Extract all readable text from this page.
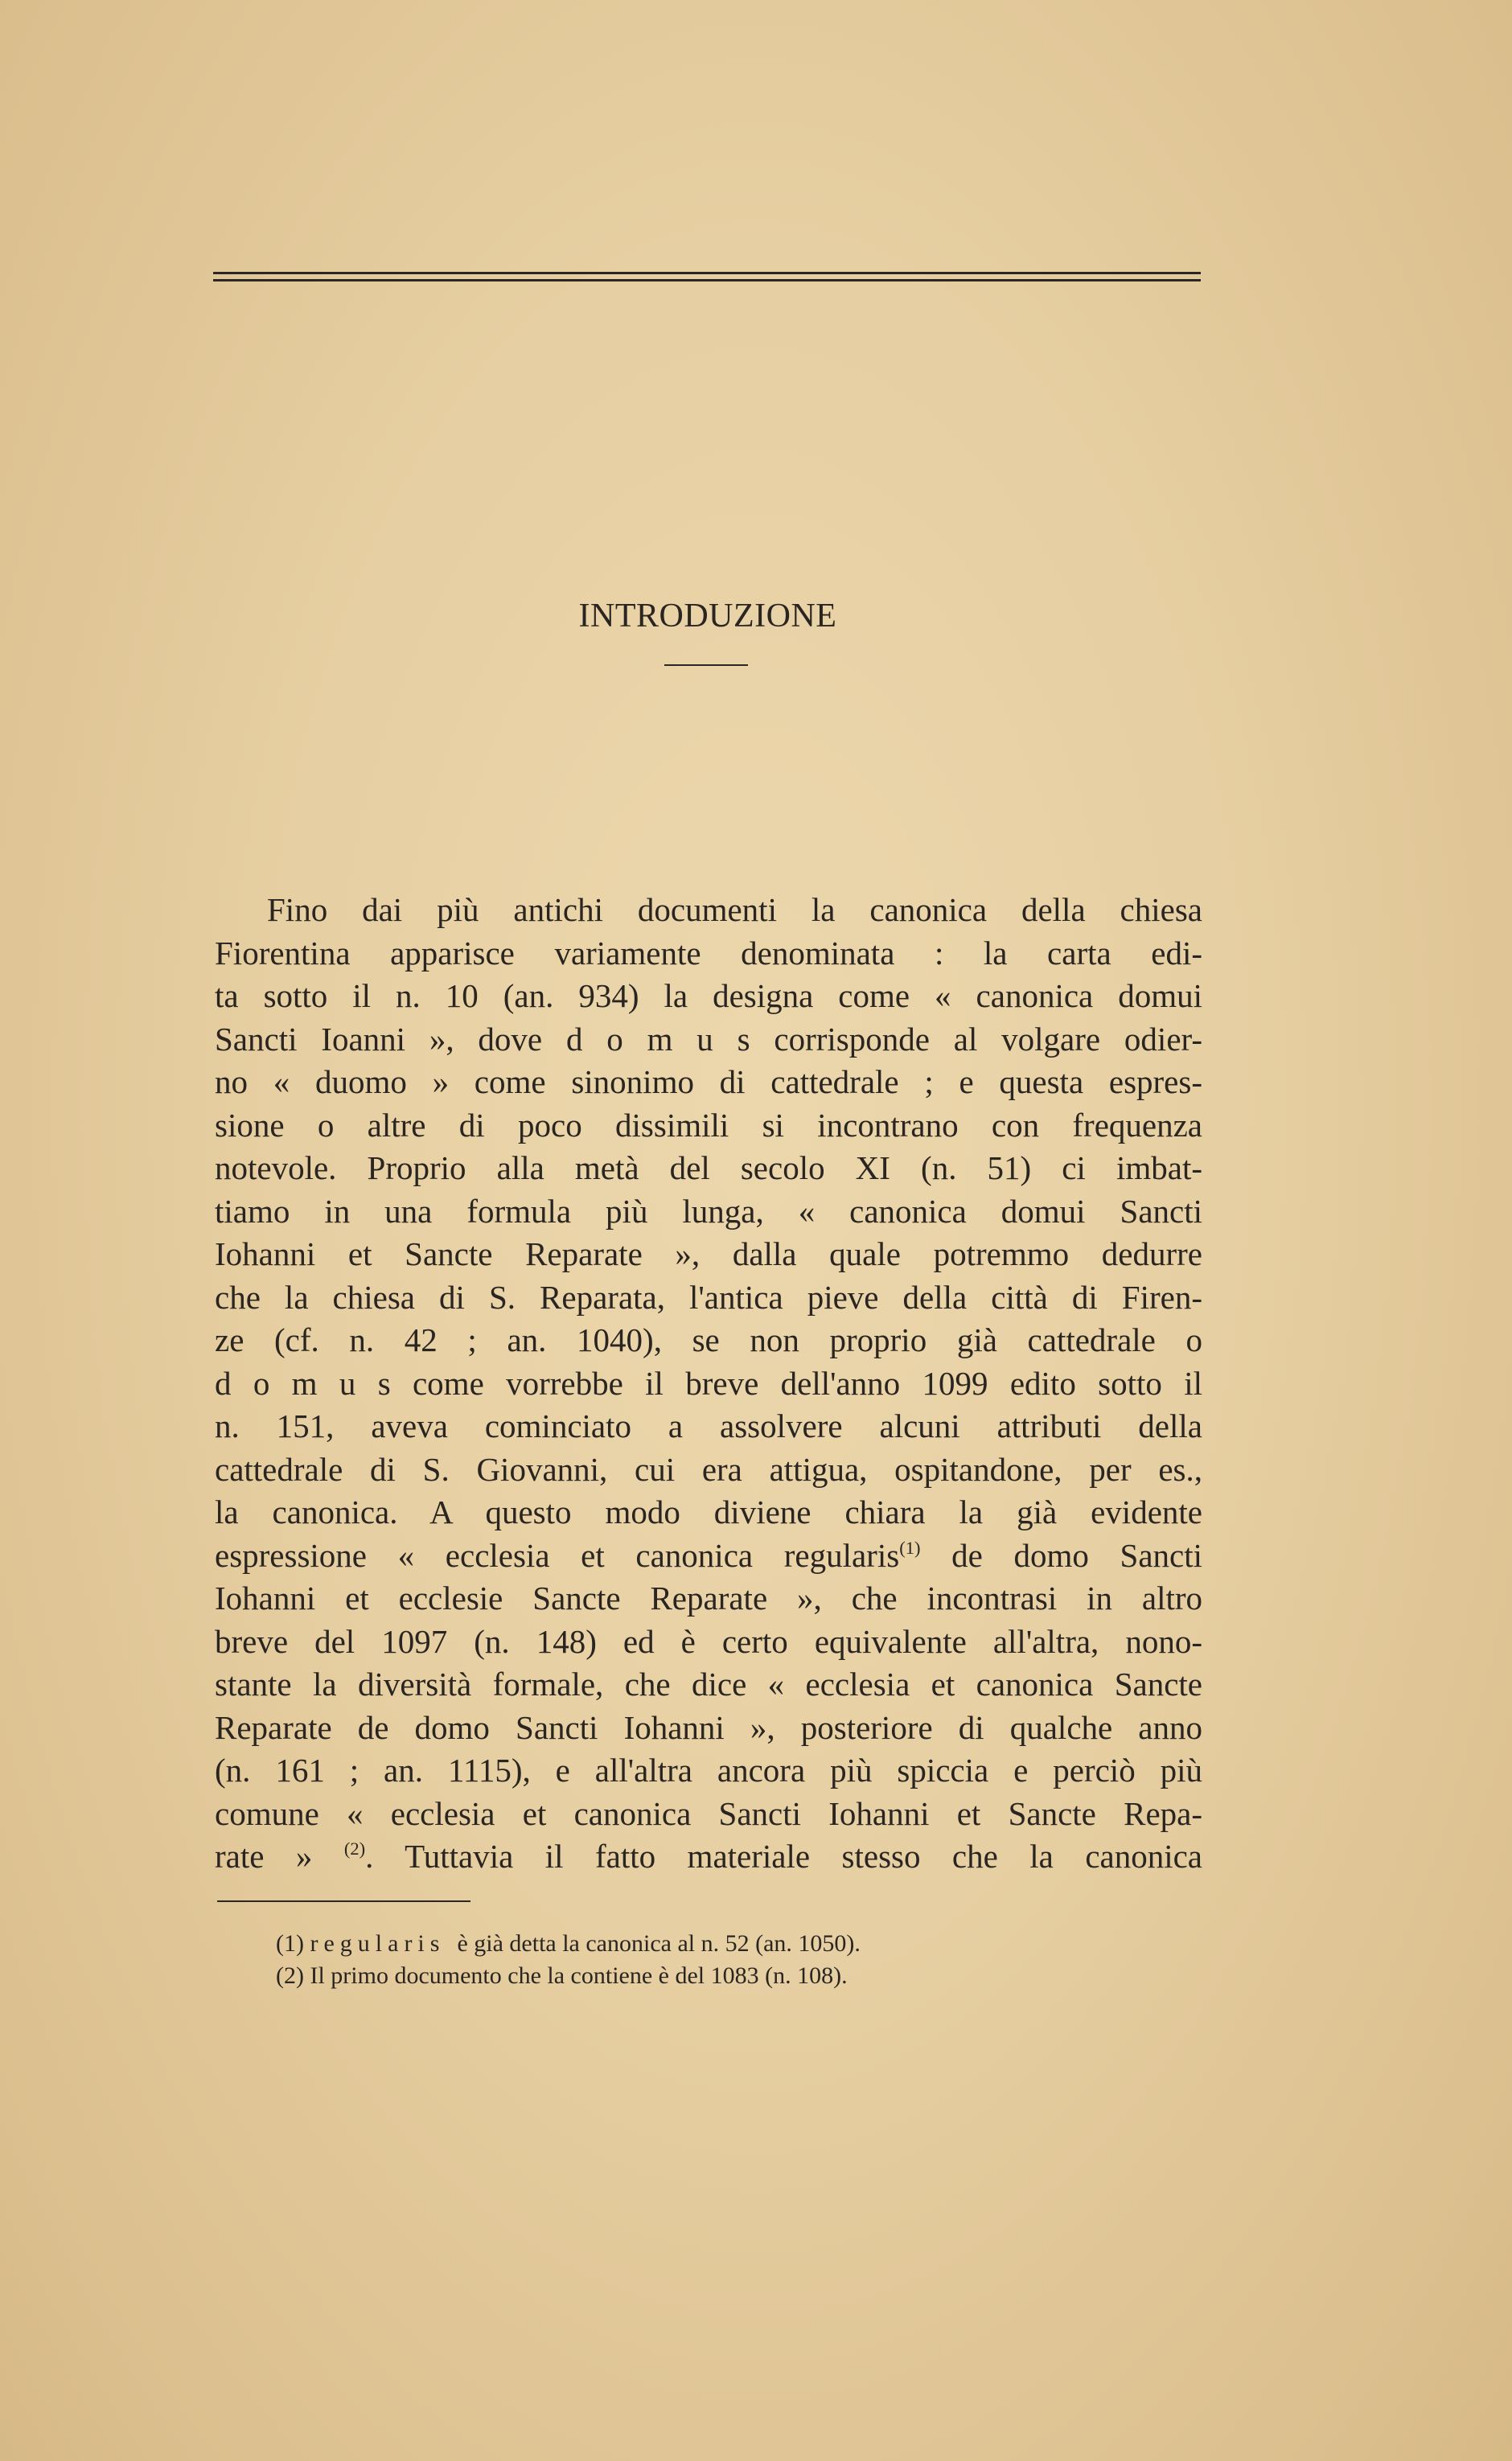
INTRODUZIONE
Fino dai più antichi documenti la canonica della chiesa
Fiorentina apparisce variamente denominata : la carta edi-
ta sotto il n. 10 (an. 934) la designa come « canonica domui
Sancti Ioanni », dove d o m u s corrisponde al volgare odier-
no « duomo » come sinonimo di cattedrale ; e questa espres-
sione o altre di poco dissimili si incontrano con frequenza
notevole. Proprio alla metà del secolo XI (n. 51) ci imbat-
tiamo in una formula più lunga, « canonica domui Sancti
Iohanni et Sancte Reparate », dalla quale potremmo dedurre
che la chiesa di S. Reparata, l'antica pieve della città di Firen-
ze (cf. n. 42 ; an. 1040), se non proprio già cattedrale o
d o m u s come vorrebbe il breve dell'anno 1099 edito sotto il
n. 151, aveva cominciato a assolvere alcuni attributi della
cattedrale di S. Giovanni, cui era attigua, ospitandone, per es.,
la canonica. A questo modo diviene chiara la già evidente
espressione « ecclesia et canonica regularis$^{(1)}$ de domo Sancti
Iohanni et ecclesie Sancte Reparate », che incontrasi in altro
breve del 1097 (n. 148) ed è certo equivalente all'altra, nono-
stante la diversità formale, che dice « ecclesia et canonica Sancte
Reparate de domo Sancti Iohanni », posteriore di qualche anno
(n. 161 ; an. 1115), e all'altra ancora più spiccia e perciò più
comune « ecclesia et canonica Sancti Iohanni et Sancte Repa-
rate » $^{(2)}$. Tuttavia il fatto materiale stesso che la canonica
(1) regularis è già detta la canonica al n. 52 (an. 1050).
(2) Il primo documento che la contiene è del 1083 (n. 108).
